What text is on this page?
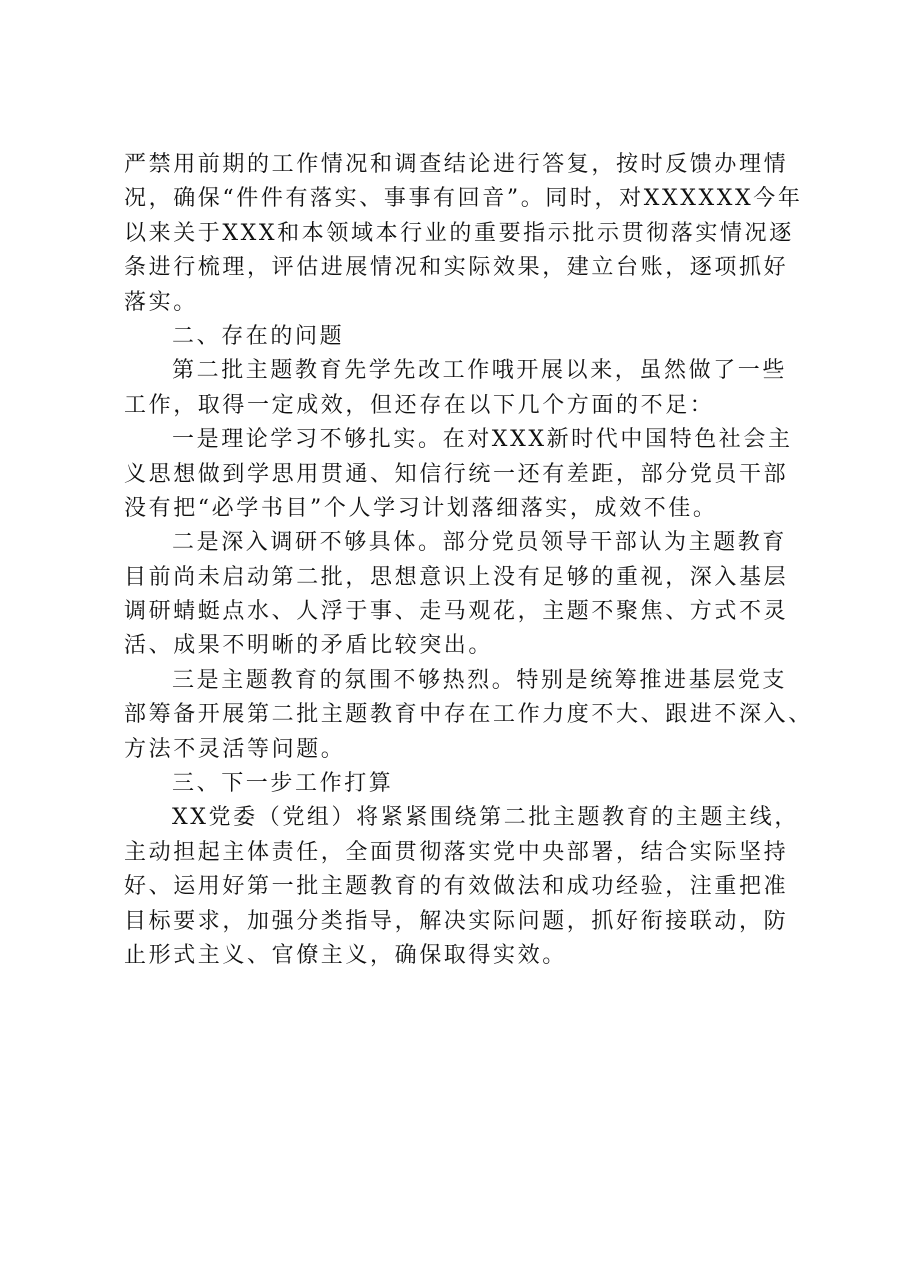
严禁用前期的工作情况和调查结论进行答复，按时反馈办理情
况，确保“件件有落实、事事有回音”。同时，对XXXXXX今年
以来关于XXX和本领域本行业的重要指示批示贯彻落实情况逐
条进行梳理，评估进展情况和实际效果，建立台账，逐项抓好
落实。
二、存在的问题
第二批主题教育先学先改工作哦开展以来，虽然做了一些
工作，取得一定成效，但还存在以下几个方面的不足：
一是理论学习不够扎实。在对XXX新时代中国特色社会主
义思想做到学思用贯通、知信行统一还有差距，部分党员干部
没有把“必学书目”个人学习计划落细落实，成效不佳。
二是深入调研不够具体。部分党员领导干部认为主题教育
目前尚未启动第二批，思想意识上没有足够的重视，深入基层
调研蜻蜓点水、人浮于事、走马观花，主题不聚焦、方式不灵
活、成果不明晰的矛盾比较突出。
三是主题教育的氛围不够热烈。特别是统筹推进基层党支
部筹备开展第二批主题教育中存在工作力度不大、跟进不深入、
方法不灵活等问题。
三、下一步工作打算
XX党委（党组）将紧紧围绕第二批主题教育的主题主线，
主动担起主体责任，全面贯彻落实党中央部署，结合实际坚持
好、运用好第一批主题教育的有效做法和成功经验，注重把准
目标要求，加强分类指导，解决实际问题，抓好衔接联动，防
止形式主义、官僚主义，确保取得实效。
